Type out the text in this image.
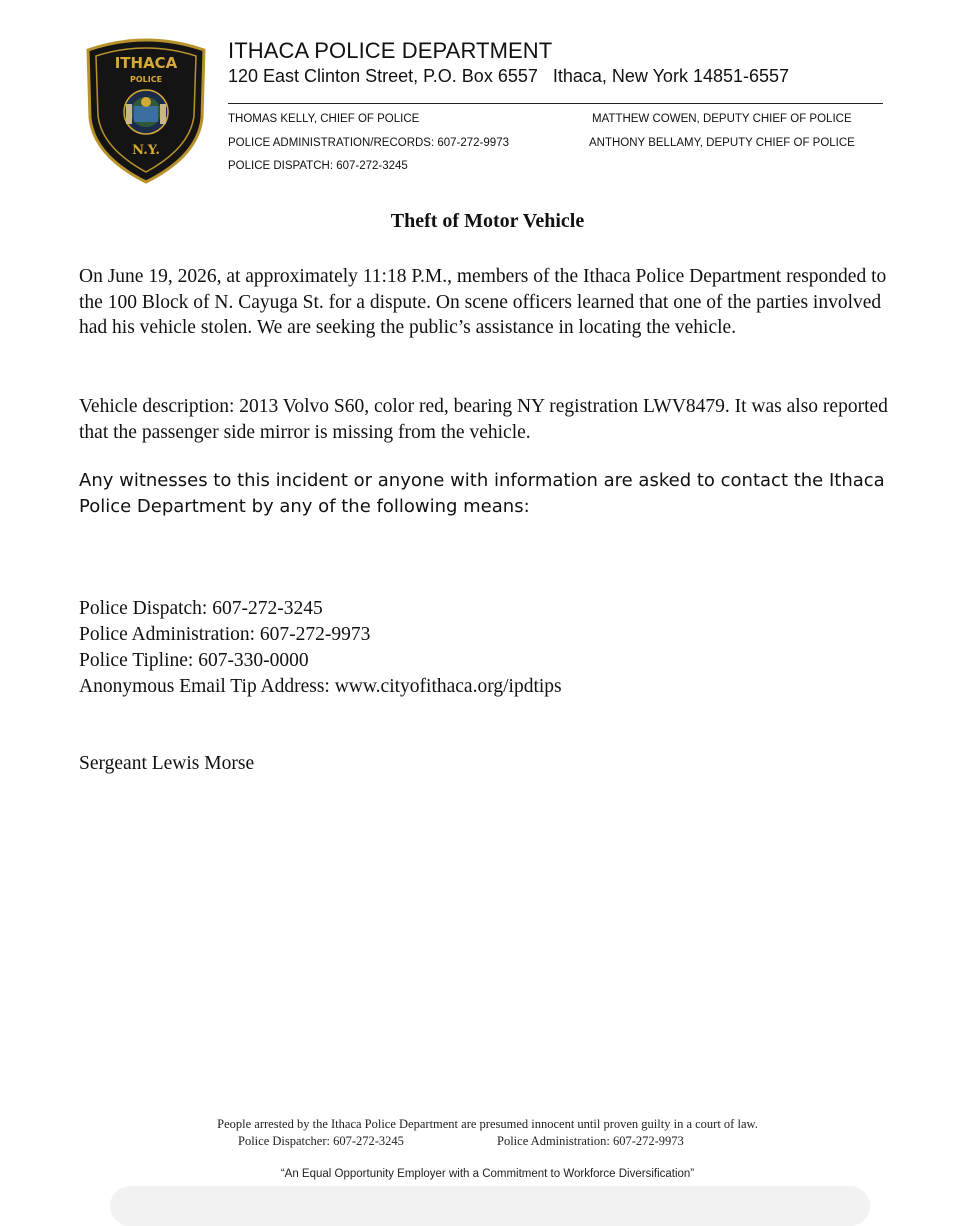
ITHACA
POLICE
N.Y.
ITHACA POLICE DEPARTMENT
120 East Clinton Street, P.O. Box 6557   Ithaca, New York 14851-6557
THOMAS KELLY, CHIEF OF POLICE
POLICE ADMINISTRATION/RECORDS: 607-272-9973
POLICE DISPATCH: 607-272-3245
MATTHEW COWEN, DEPUTY CHIEF OF POLICE
ANTHONY BELLAMY, DEPUTY CHIEF OF POLICE
Theft of Motor Vehicle
On June 19, 2026, at approximately 11:18 P.M., members of the Ithaca Police Department responded to the 100 Block of N. Cayuga St. for a dispute. On scene officers learned that one of the parties involved had his vehicle stolen. We are seeking the public’s assistance in locating the vehicle.
Vehicle description: 2013 Volvo S60, color red, bearing NY registration LWV8479. It was also reported that the passenger side mirror is missing from the vehicle.
Any witnesses to this incident or anyone with information are asked to contact the Ithaca Police Department by any of the following means:
Police Dispatch: 607-272-3245
Police Administration: 607-272-9973
Police Tipline: 607-330-0000
Anonymous Email Tip Address: www.cityofithaca.org/ipdtips
Sergeant Lewis Morse
People arrested by the Ithaca Police Department are presumed innocent until proven guilty in a court of law.
Police Dispatcher: 607-272-3245	Police Administration: 607-272-9973
“An Equal Opportunity Employer with a Commitment to Workforce Diversification”
